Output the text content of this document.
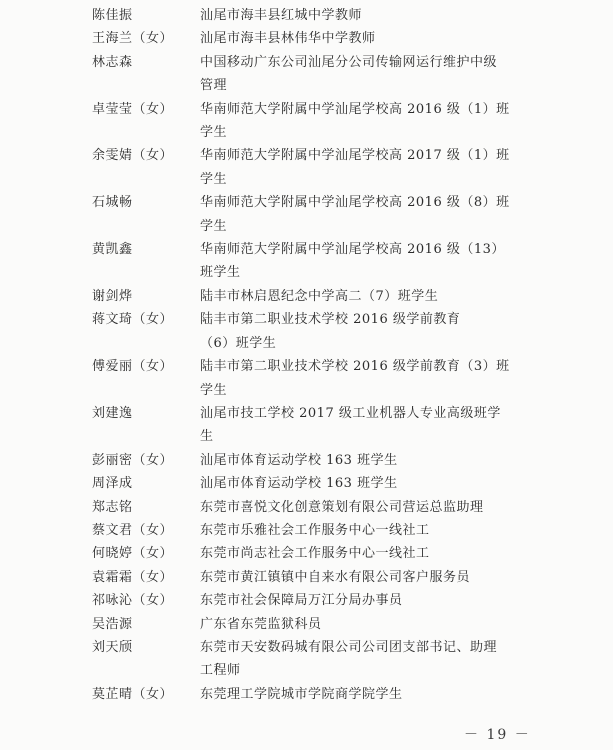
陈佳振	汕尾市海丰县红城中学教师
王海兰（女）	汕尾市海丰县林伟华中学教师
林志森	中国移动广东公司汕尾分公司传输网运行维护中级
管理
卓莹莹（女）	华南师范大学附属中学汕尾学校高 2016 级（1）班
学生
余雯婧（女）	华南师范大学附属中学汕尾学校高 2017 级（1）班
学生
石城畅	华南师范大学附属中学汕尾学校高 2016 级（8）班
学生
黄凯鑫	华南师范大学附属中学汕尾学校高 2016 级（13）
班学生
谢剑烨	陆丰市林启恩纪念中学高二（7）班学生
蒋文琦（女）	陆丰市第二职业技术学校 2016 级学前教育
（6）班学生
傅爱丽（女）	陆丰市第二职业技术学校 2016 级学前教育（3）班
学生
刘建逸	汕尾市技工学校 2017 级工业机器人专业高级班学
生
彭丽密（女）	汕尾市体育运动学校 163 班学生
周泽成	汕尾市体育运动学校 163 班学生
郑志铭	东莞市喜悦文化创意策划有限公司营运总监助理
蔡文君（女）	东莞市乐雅社会工作服务中心一线社工
何晓婷（女）	东莞市尚志社会工作服务中心一线社工
袁霜霜（女）	东莞市黄江镇镇中自来水有限公司客户服务员
祁咏沁（女）	东莞市社会保障局万江分局办事员
吴浩源	广东省东莞监狱科员
刘天颀	东莞市天安数码城有限公司公司团支部书记、助理
工程师
莫芷晴（女）	东莞理工学院城市学院商学院学生
－ 19 －
